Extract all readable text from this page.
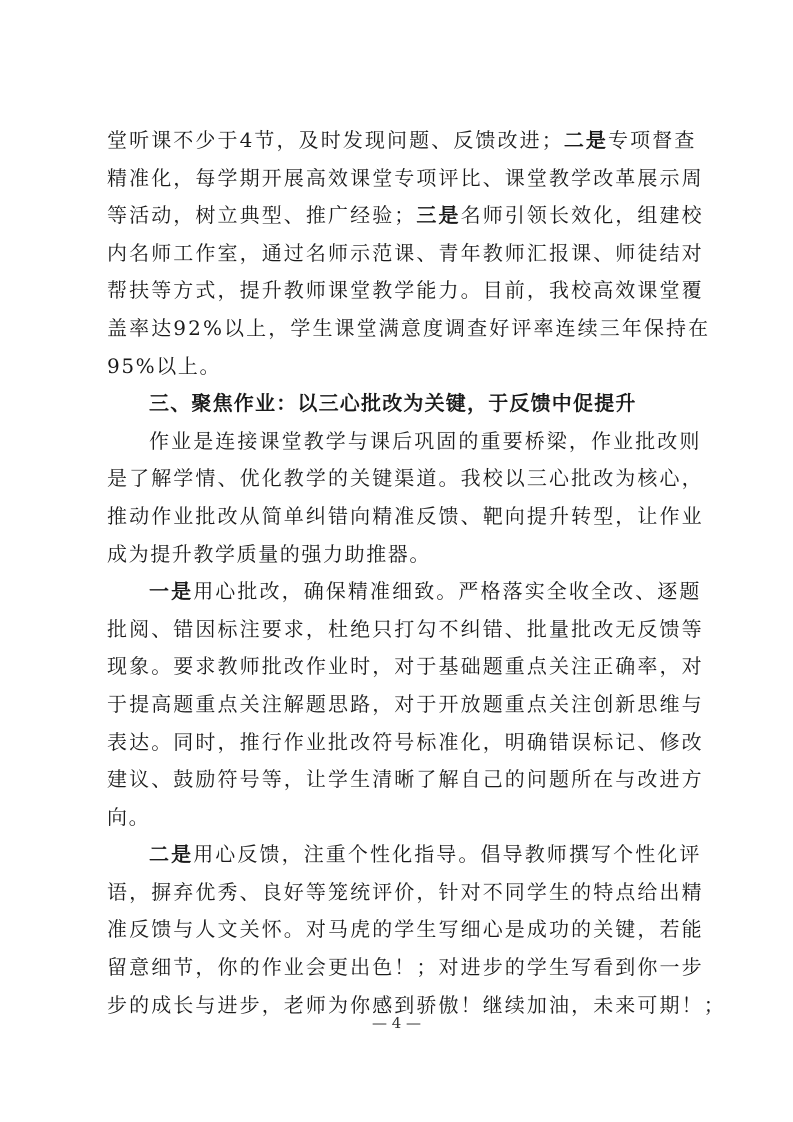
堂听课不少于4节，及时发现问题、反馈改进；二是专项督查
精准化，每学期开展高效课堂专项评比、课堂教学改革展示周
等活动，树立典型、推广经验；三是名师引领长效化，组建校
内名师工作室，通过名师示范课、青年教师汇报课、师徒结对
帮扶等方式，提升教师课堂教学能力。目前，我校高效课堂覆
盖率达92%以上，学生课堂满意度调查好评率连续三年保持在
95%以上。
三、聚焦作业：以三心批改为关键，于反馈中促提升
作业是连接课堂教学与课后巩固的重要桥梁，作业批改则
是了解学情、优化教学的关键渠道。我校以三心批改为核心，
推动作业批改从简单纠错向精准反馈、靶向提升转型，让作业
成为提升教学质量的强力助推器。
一是用心批改，确保精准细致。严格落实全收全改、逐题
批阅、错因标注要求，杜绝只打勾不纠错、批量批改无反馈等
现象。要求教师批改作业时，对于基础题重点关注正确率，对
于提高题重点关注解题思路，对于开放题重点关注创新思维与
表达。同时，推行作业批改符号标准化，明确错误标记、修改
建议、鼓励符号等，让学生清晰了解自己的问题所在与改进方
向。
二是用心反馈，注重个性化指导。倡导教师撰写个性化评
语，摒弃优秀、良好等笼统评价，针对不同学生的特点给出精
准反馈与人文关怀。对马虎的学生写细心是成功的关键，若能
留意细节，你的作业会更出色！；对进步的学生写看到你一步
步的成长与进步，老师为你感到骄傲！继续加油，未来可期！；
— 4 —
